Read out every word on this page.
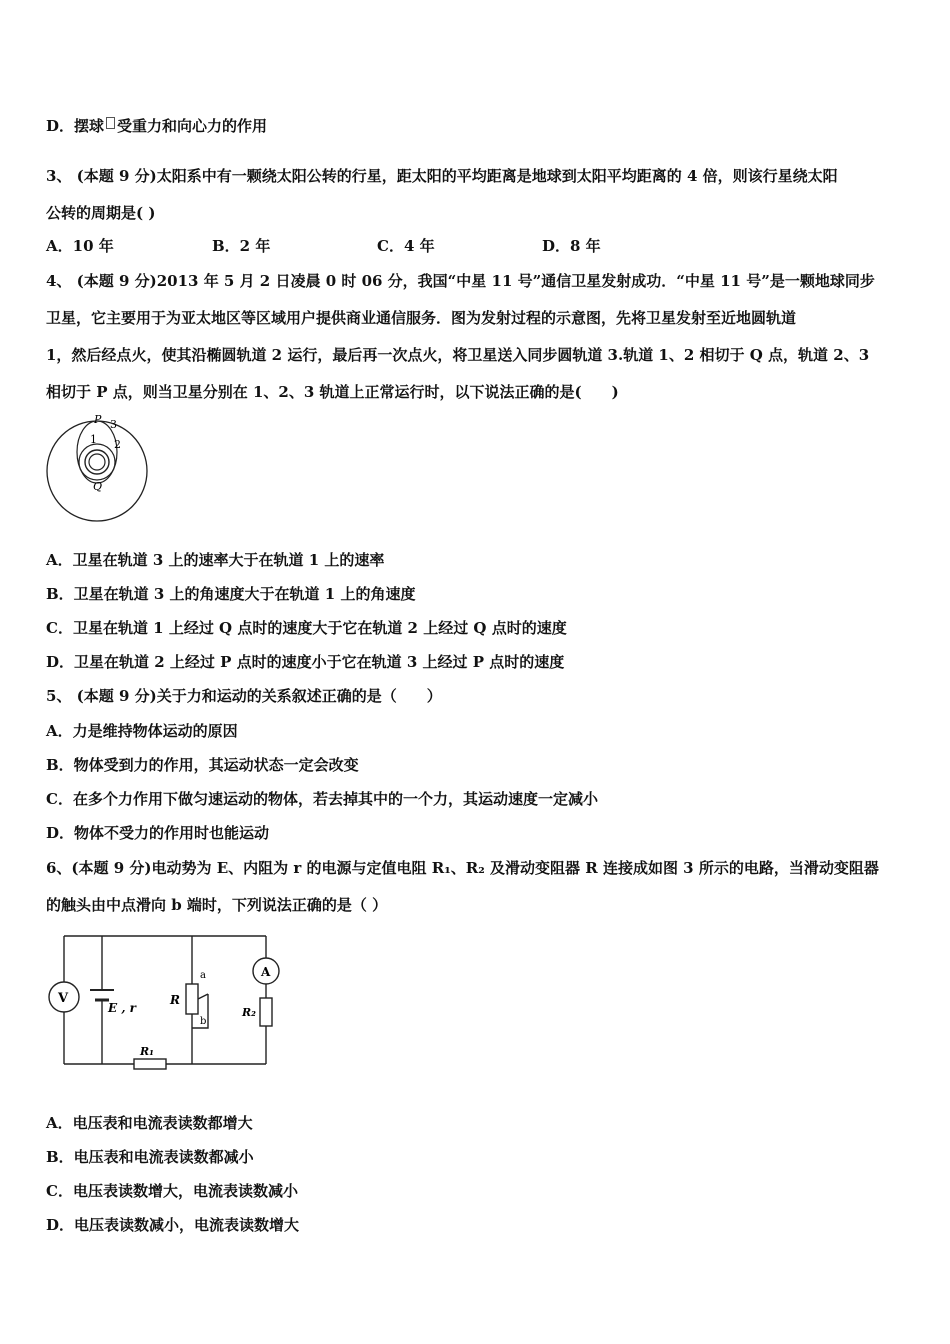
D．摆球 受重力和向心力的作用
3、 (本题 9 分)太阳系中有一颗绕太阳公转的行星，距太阳的平均距离是地球到太阳平均距离的 4 倍，则该行星绕太阳
公转的周期是( )
A．10 年	B．2 年	C．4 年	D．8 年
4、 (本题 9 分)2013 年 5 月 2 日凌晨 0 时 06 分，我国“中星 11 号”通信卫星发射成功．“中星 11 号”是一颗地球同步
卫星，它主要用于为亚太地区等区域用户提供商业通信服务．图为发射过程的示意图，先将卫星发射至近地圆轨道
1，然后经点火，使其沿椭圆轨道 2 运行，最后再一次点火，将卫星送入同步圆轨道 3.轨道 1、2 相切于 Q 点，轨道 2、3
相切于 P 点，则当卫星分别在 1、2、3 轨道上正常运行时，以下说法正确的是(　　)
P 3
1 2
Q
A．卫星在轨道 3 上的速率大于在轨道 1 上的速率
B．卫星在轨道 3 上的角速度大于在轨道 1 上的角速度
C．卫星在轨道 1 上经过 Q 点时的速度大于它在轨道 2 上经过 Q 点时的速度
D．卫星在轨道 2 上经过 P 点时的速度小于它在轨道 3 上经过 P 点时的速度
5、 (本题 9 分)关于力和运动的关系叙述正确的是（　　）
A．力是维持物体运动的原因
B．物体受到力的作用，其运动状态一定会改变
C．在多个力作用下做匀速运动的物体，若去掉其中的一个力，其运动速度一定减小
D．物体不受力的作用时也能运动
6、(本题 9 分)电动势为 E、内阻为 r 的电源与定值电阻 R₁、R₂ 及滑动变阻器 R 连接成如图 3 所示的电路，当滑动变阻器
的触头由中点滑向 b 端时，下列说法正确的是（ ）
V
E , r
R
a
b
A
R₂
R₁
A．电压表和电流表读数都增大
B．电压表和电流表读数都减小
C．电压表读数增大，电流表读数减小
D．电压表读数减小，电流表读数增大
